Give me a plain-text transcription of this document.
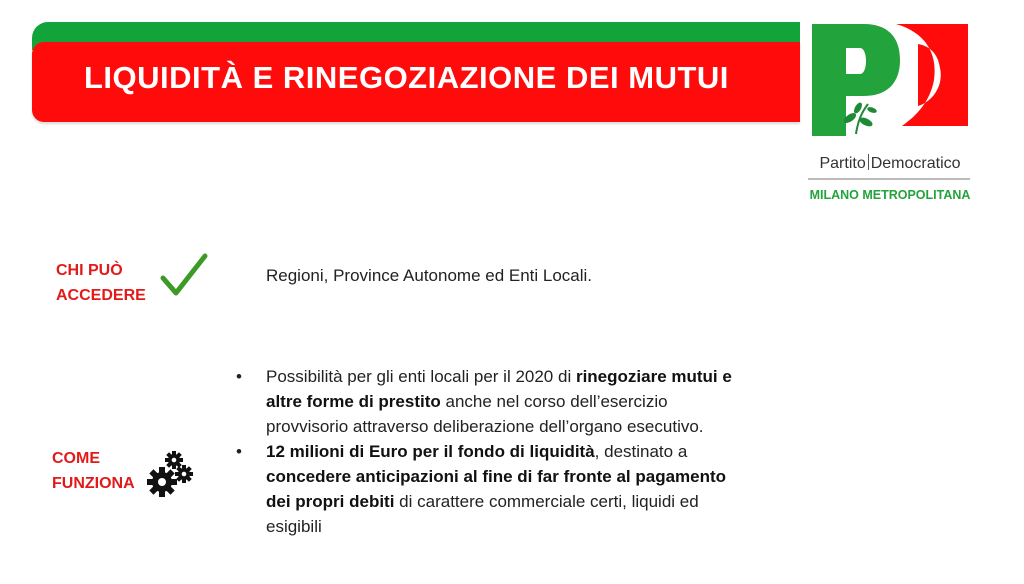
LIQUIDITÀ E RINEGOZIAZIONE DEI MUTUI
Partito Democratico
MILANO METROPOLITANA
CHI PUÒ
ACCEDERE
Regioni, Province Autonome ed Enti Locali.
COME
FUNZIONA
• Possibilità per gli enti locali per il 2020 di rinegoziare mutui e altre forme di prestito anche nel corso dell’esercizio provvisorio attraverso deliberazione dell’organo esecutivo.
• 12 milioni di Euro per il fondo di liquidità, destinato a concedere anticipazioni al fine di far fronte al pagamento dei propri debiti di carattere commerciale certi, liquidi ed esigibili
